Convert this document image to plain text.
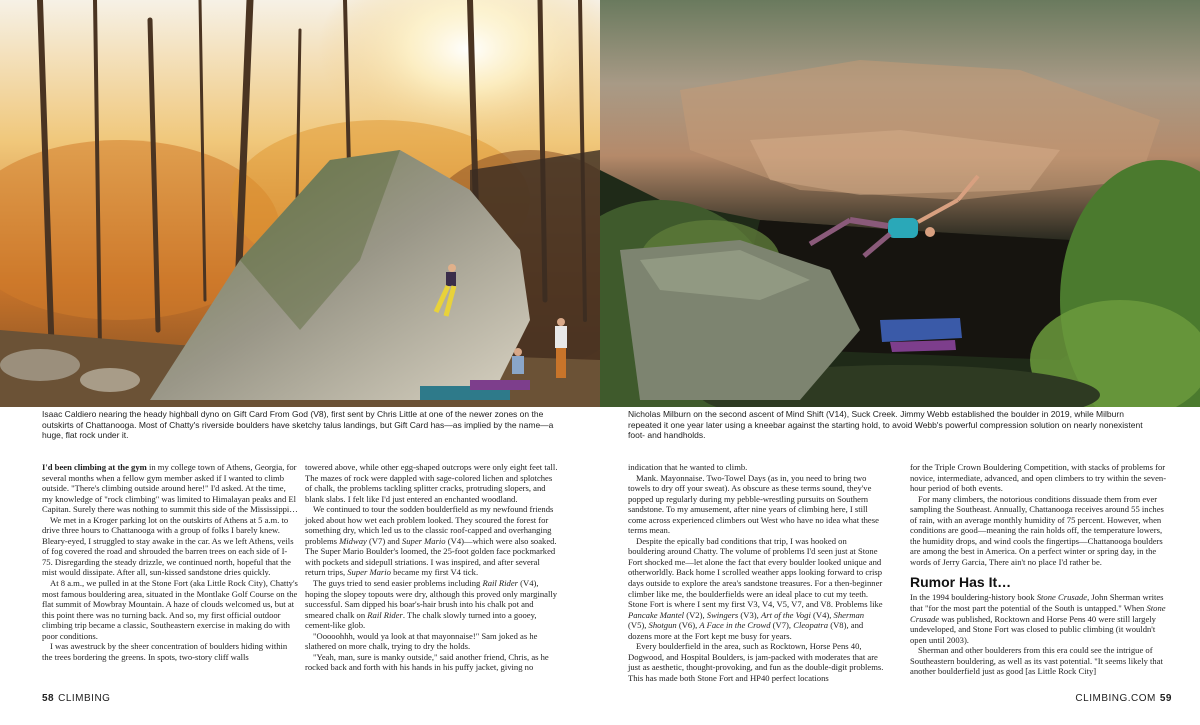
Isaac Caldiero nearing the heady highball dyno on Gift Card From God (V8), first sent by Chris Little at one of the newer zones on the outskirts of Chattanooga. Most of Chatty's riverside boulders have sketchy talus landings, but Gift Card has—as implied by the name—a huge, flat rock under it.
Nicholas Milburn on the second ascent of Mind Shift (V14), Suck Creek. Jimmy Webb established the boulder in 2019, while Milburn repeated it one year later using a kneebar against the starting hold, to avoid Webb's powerful compression solution on nearly nonexistent foot- and handholds.

I'd been climbing at the gym in my college town of Athens, Georgia, for several months when a fellow gym member asked if I wanted to climb outside. "There's climbing outside around here!" I'd asked. At the time, my knowledge of "rock climbing" was limited to Himalayan peaks and El Capitan. Surely there was nothing to summit this side of the Mississippi…

We met in a Kroger parking lot on the outskirts of Athens at 5 a.m. to drive three hours to Chattanooga with a group of folks I barely knew. Bleary-eyed, I struggled to stay awake in the car. As we left Athens, veils of fog covered the road and shrouded the barren trees on each side of I-75. Disregarding the steady drizzle, we continued north, hopeful that the mist would dissipate. After all, sun-kissed sandstone dries quickly.

At 8 a.m., we pulled in at the Stone Fort (aka Little Rock City), Chatty's most famous bouldering area, situated in the Montlake Golf Course on the flat summit of Mowbray Mountain. A haze of clouds welcomed us, but at this point there was no turning back. And so, my first official outdoor climbing trip became a classic, Southeastern exercise in making do with poor conditions.

I was awestruck by the sheer concentration of boulders hiding within the trees bordering the greens. In spots, two-story cliff walls

towered above, while other egg-shaped outcrops were only eight feet tall. The mazes of rock were dappled with sage-colored lichen and splotches of chalk, the problems tackling splitter cracks, protruding slopers, and blank slabs. I felt like I'd just entered an enchanted woodland.

We continued to tour the sodden boulderfield as my newfound friends joked about how wet each problem looked. They scoured the forest for something dry, which led us to the classic roof-capped and overhanging problems Midway (V7) and Super Mario (V4)—which were also soaked. The Super Mario Boulder's loomed, the 25-foot golden face pockmarked with pockets and sidepull striations. I was inspired, and after several return trips, Super Mario became my first V4 tick.

The guys tried to send easier problems including Rail Rider (V4), hoping the slopey topouts were dry, although this proved only marginally successful. Sam dipped his boar's-hair brush into his chalk pot and smeared chalk on Rail Rider. The chalk slowly turned into a gooey, cement-like glob.

"Ooooohhh, would ya look at that mayonnaise!" Sam joked as he slathered on more chalk, trying to dry the holds.

"Yeah, man, sure is manky outside," said another friend, Chris, as he rocked back and forth with his hands in his puffy jacket, giving no

indication that he wanted to climb.

Mank. Mayonnaise. Two-Towel Days (as in, you need to bring two towels to dry off your sweat). As obscure as these terms sound, they've popped up regularly during my pebble-wrestling pursuits on Southern sandstone. To my amusement, after nine years of climbing here, I still come across experienced climbers out West who have no idea what these terms mean.

Despite the epically bad conditions that trip, I was hooked on bouldering around Chatty. The volume of problems I'd seen just at Stone Fort shocked me—let alone the fact that every boulder looked unique and otherworldly. Back home I scrolled weather apps looking forward to crisp days outside to explore the area's sandstone treasures. For a then-beginner climber like me, the boulderfields were an ideal place to cut my teeth. Stone Fort is where I sent my first V3, V4, V5, V7, and V8. Problems like Pancake Mantel (V2), Swingers (V3), Art of the Vogi (V4), Sherman (V5), Shotgun (V6), A Face in the Crowd (V7), Cleopatra (V8), and dozens more at the Fort kept me busy for years.

Every boulderfield in the area, such as Rocktown, Horse Pens 40, Dogwood, and Hospital Boulders, is jam-packed with moderates that are just as aesthetic, thought-provoking, and fun as the double-digit problems. This has made both Stone Fort and HP40 perfect locations

for the Triple Crown Bouldering Competition, with stacks of problems for novice, intermediate, advanced, and open climbers to try within the seven-hour period of both events.

For many climbers, the notorious conditions dissuade them from ever sampling the Southeast. Annually, Chattanooga receives around 55 inches of rain, with an average monthly humidity of 75 percent. However, when conditions are good—meaning the rain holds off, the temperature lowers, the humidity drops, and wind cools the fingertips—Chattanooga boulders are among the best in America. On a perfect winter or spring day, in the words of Jerry Garcia, There ain't no place I'd rather be.

Rumor Has It…

In the 1994 bouldering-history book Stone Crusade, John Sherman writes that "for the most part the potential of the South is untapped." When Stone Crusade was published, Rocktown and Horse Pens 40 were still largely undeveloped, and Stone Fort was closed to public climbing (it wouldn't open until 2003).

Sherman and other boulderers from this era could see the intrigue of Southeastern bouldering, as well as its vast potential. "It seems likely that another boulderfield just as good [as Little Rock City]

58 CLIMBING	CLIMBING.COM 59
